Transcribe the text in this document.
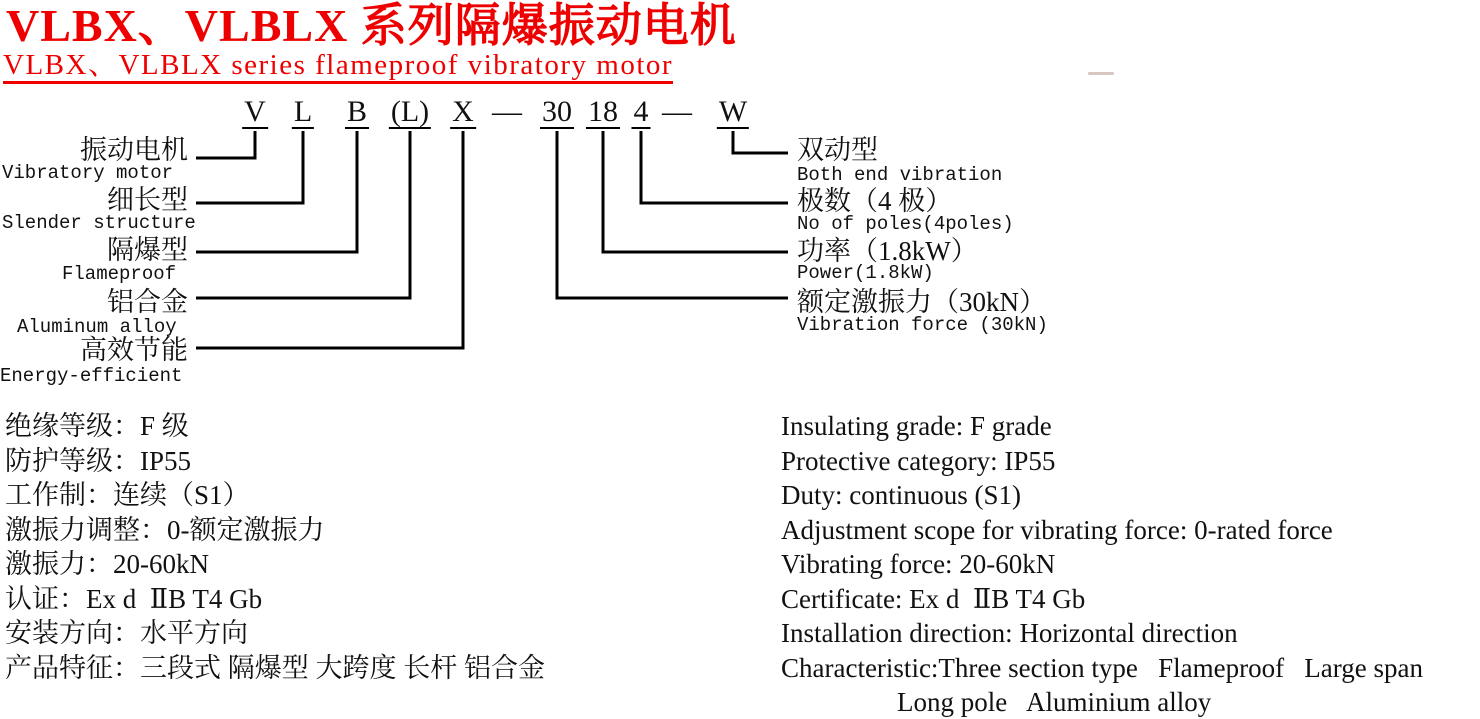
VLBX、VLBLX 系列隔爆振动电机
VLBX、VLBLX series flameproof vibratory motor
V L B (L) X — 30 18 4 — W
振动电机
Vibratory motor
细长型
Slender structure
隔爆型
Flameproof
铝合金
Aluminum alloy
高效节能
Energy-efficient
双动型
Both end vibration
极数（4 极）
No of poles(4poles)
功率（1.8kW）
Power(1.8kW)
额定激振力（30kN）
Vibration force (30kN)
绝缘等级：F 级
防护等级：IP55
工作制：连续（S1）
激振力调整：0-额定激振力
激振力：20-60kN
认证：Ex d  ⅡB T4 Gb
安装方向：水平方向
产品特征：三段式 隔爆型 大跨度 长杆 铝合金
Insulating grade: F grade
Protective category: IP55
Duty: continuous (S1)
Adjustment scope for vibrating force: 0-rated force
Vibrating force: 20-60kN
Certificate: Ex d  ⅡB T4 Gb
Installation direction: Horizontal direction
Characteristic:Three section type   Flameproof   Large span
Long pole   Aluminium alloy
